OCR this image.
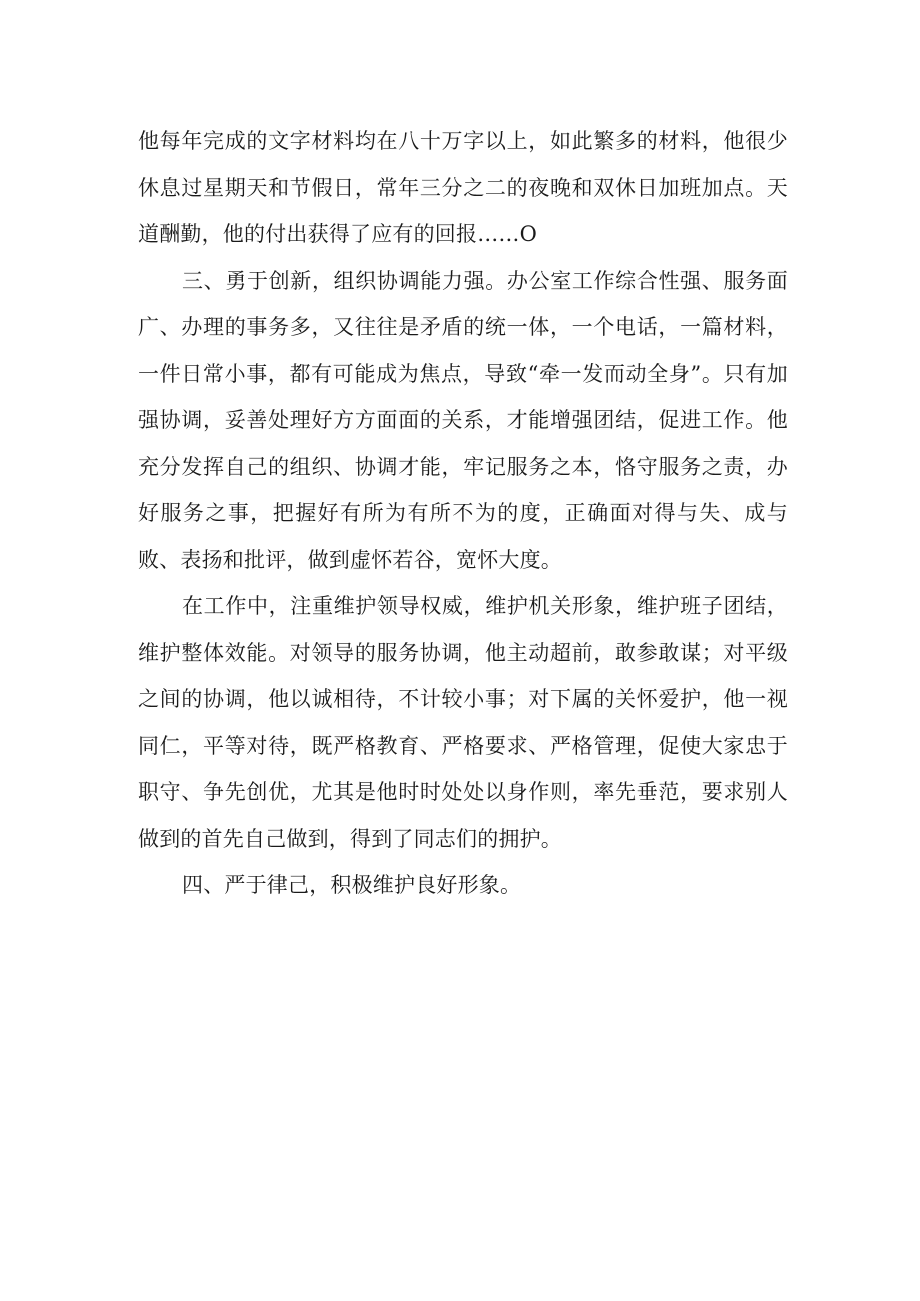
他每年完成的文字材料均在八十万字以上，如此繁多的材料，他很少休息过星期天和节假日，常年三分之二的夜晚和双休日加班加点。天道酬勤，他的付出获得了应有的回报……O

三、勇于创新，组织协调能力强。办公室工作综合性强、服务面广、办理的事务多，又往往是矛盾的统一体，一个电话，一篇材料，一件日常小事，都有可能成为焦点，导致“牵一发而动全身”。只有加强协调，妥善处理好方方面面的关系，才能增强团结，促进工作。他充分发挥自己的组织、协调才能，牢记服务之本，恪守服务之责，办好服务之事，把握好有所为有所不为的度，正确面对得与失、成与败、表扬和批评，做到虚怀若谷，宽怀大度。

在工作中，注重维护领导权威，维护机关形象，维护班子团结，维护整体效能。对领导的服务协调，他主动超前，敢参敢谋；对平级之间的协调，他以诚相待，不计较小事；对下属的关怀爱护，他一视同仁，平等对待，既严格教育、严格要求、严格管理，促使大家忠于职守、争先创优，尤其是他时时处处以身作则，率先垂范，要求别人做到的首先自己做到，得到了同志们的拥护。

四、严于律己，积极维护良好形象。
